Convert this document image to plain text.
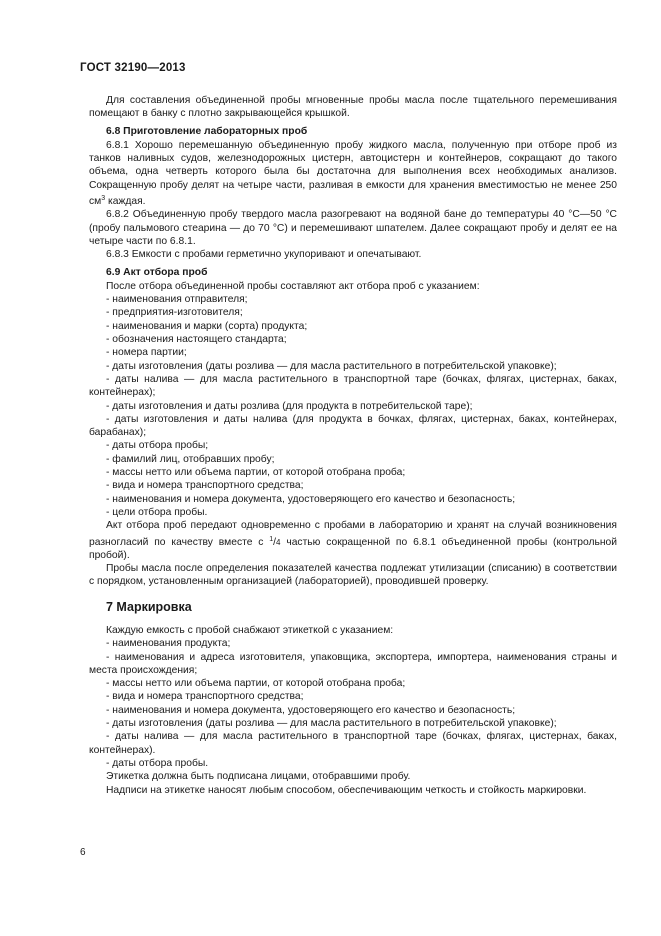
ГОСТ 32190—2013

Для составления объединенной пробы мгновенные пробы масла после тщательного перемешивания помещают в банку с плотно закрывающейся крышкой.

6.8 Приготовление лабораторных проб

6.8.1 Хорошо перемешанную объединенную пробу жидкого масла, полученную при отборе проб из танков наливных судов, железнодорожных цистерн, автоцистерн и контейнеров, сокращают до такого объема, одна четверть которого была бы достаточна для выполнения всех необходимых анализов. Сокращенную пробу делят на четыре части, разливая в емкости для хранения вместимостью не менее 250 $см^3$ каждая.

6.8.2 Объединенную пробу твердого масла разогревают на водяной бане до температуры 40 °С—50 °С (пробу пальмового стеарина — до 70 °С) и перемешивают шпателем. Далее сокращают пробу и делят ее на четыре части по 6.8.1.

6.8.3 Емкости с пробами герметично укупоривают и опечатывают.

6.9 Акт отбора проб

После отбора объединенной пробы составляют акт отбора проб с указанием:

- наименования отправителя;

- предприятия-изготовителя;

- наименования и марки (сорта) продукта;

- обозначения настоящего стандарта;

- номера партии;

- даты изготовления (даты розлива — для масла растительного в потребительской упаковке);

- даты налива — для масла растительного в транспортной таре (бочках, флягах, цистернах, баках, контейнерах);

- даты изготовления и даты розлива (для продукта в потребительской таре);

- даты изготовления и даты налива (для продукта в бочках, флягах, цистернах, баках, контейнерах, барабанах);

- даты отбора пробы;

- фамилий лиц, отобравших пробу;

- массы нетто или объема партии, от которой отобрана проба;

- вида и номера транспортного средства;

- наименования и номера документа, удостоверяющего его качество и безопасность;

- цели отбора пробы.

Акт отбора проб передают одновременно с пробами в лабораторию и хранят на случай возникновения разногласий по качеству вместе с $^1$/4 частью сокращенной по 6.8.1 объединенной пробы (контрольной пробой).

Пробы масла после определения показателей качества подлежат утилизации (списанию) в соответствии с порядком, установленным организацией (лабораторией), проводившей проверку.

7 Маркировка

Каждую емкость с пробой снабжают этикеткой с указанием:

- наименования продукта;

- наименования и адреса изготовителя, упаковщика, экспортера, импортера, наименования страны и места происхождения;

- массы нетто или объема партии, от которой отобрана проба;

- вида и номера транспортного средства;

- наименования и номера документа, удостоверяющего его качество и безопасность;

- даты изготовления (даты розлива — для масла растительного в потребительской упаковке);

- даты налива — для масла растительного в транспортной таре (бочках, флягах, цистернах, баках, контейнерах).

- даты отбора пробы.

Этикетка должна быть подписана лицами, отобравшими пробу.

Надписи на этикетке наносят любым способом, обеспечивающим четкость и стойкость маркировки.

6
